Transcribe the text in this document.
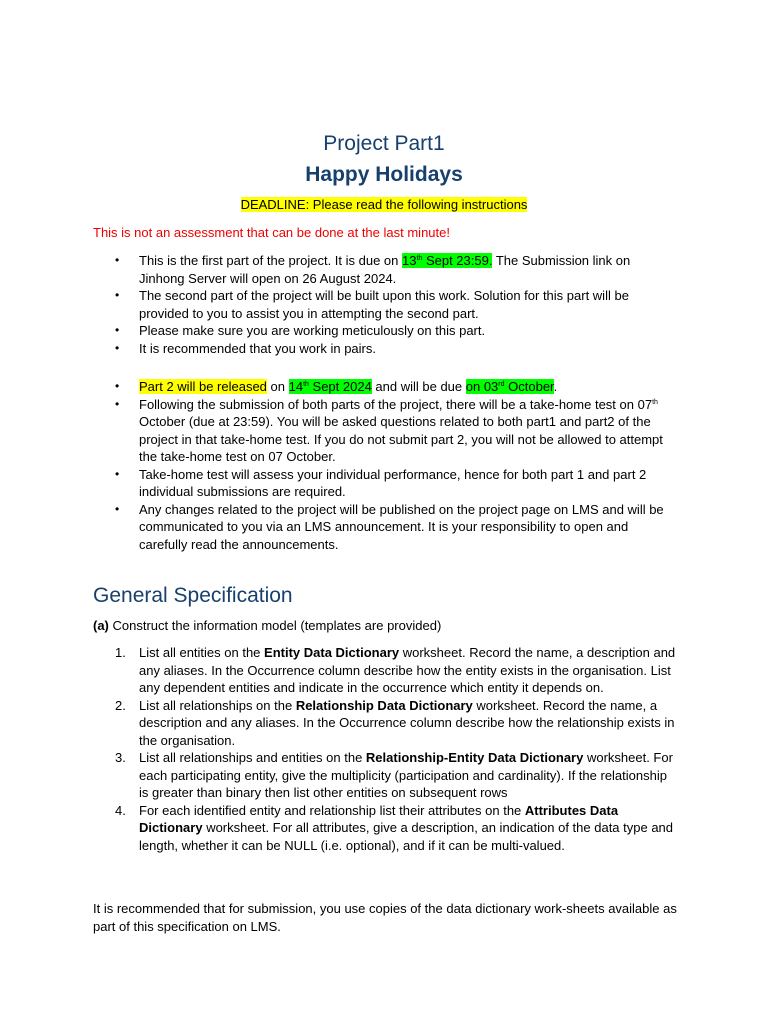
Project Part1
Happy Holidays
DEADLINE: Please read the following instructions
This is not an assessment that can be done at the last minute!
• This is the first part of the project. It is due on 13th Sept 23:59. The Submission link on Jinhong Server will open on 26 August 2024.
• The second part of the project will be built upon this work. Solution for this part will be provided to you to assist you in attempting the second part.
• Please make sure you are working meticulously on this part.
• It is recommended that you work in pairs.
• Part 2 will be released on 14th Sept 2024 and will be due on 03rd October.
• Following the submission of both parts of the project, there will be a take-home test on 07th October (due at 23:59). You will be asked questions related to both part1 and part2 of the project in that take-home test. If you do not submit part 2, you will not be allowed to attempt the take-home test on 07 October.
• Take-home test will assess your individual performance, hence for both part 1 and part 2 individual submissions are required.
• Any changes related to the project will be published on the project page on LMS and will be communicated to you via an LMS announcement. It is your responsibility to open and carefully read the announcements.
General Specification
(a) Construct the information model (templates are provided)
1. List all entities on the Entity Data Dictionary worksheet. Record the name, a description and any aliases. In the Occurrence column describe how the entity exists in the organisation. List any dependent entities and indicate in the occurrence which entity it depends on.
2. List all relationships on the Relationship Data Dictionary worksheet. Record the name, a description and any aliases. In the Occurrence column describe how the relationship exists in the organisation.
3. List all relationships and entities on the Relationship-Entity Data Dictionary worksheet. For each participating entity, give the multiplicity (participation and cardinality). If the relationship is greater than binary then list other entities on subsequent rows
4. For each identified entity and relationship list their attributes on the Attributes Data Dictionary worksheet. For all attributes, give a description, an indication of the data type and length, whether it can be NULL (i.e. optional), and if it can be multi-valued.
It is recommended that for submission, you use copies of the data dictionary work-sheets available as part of this specification on LMS.
